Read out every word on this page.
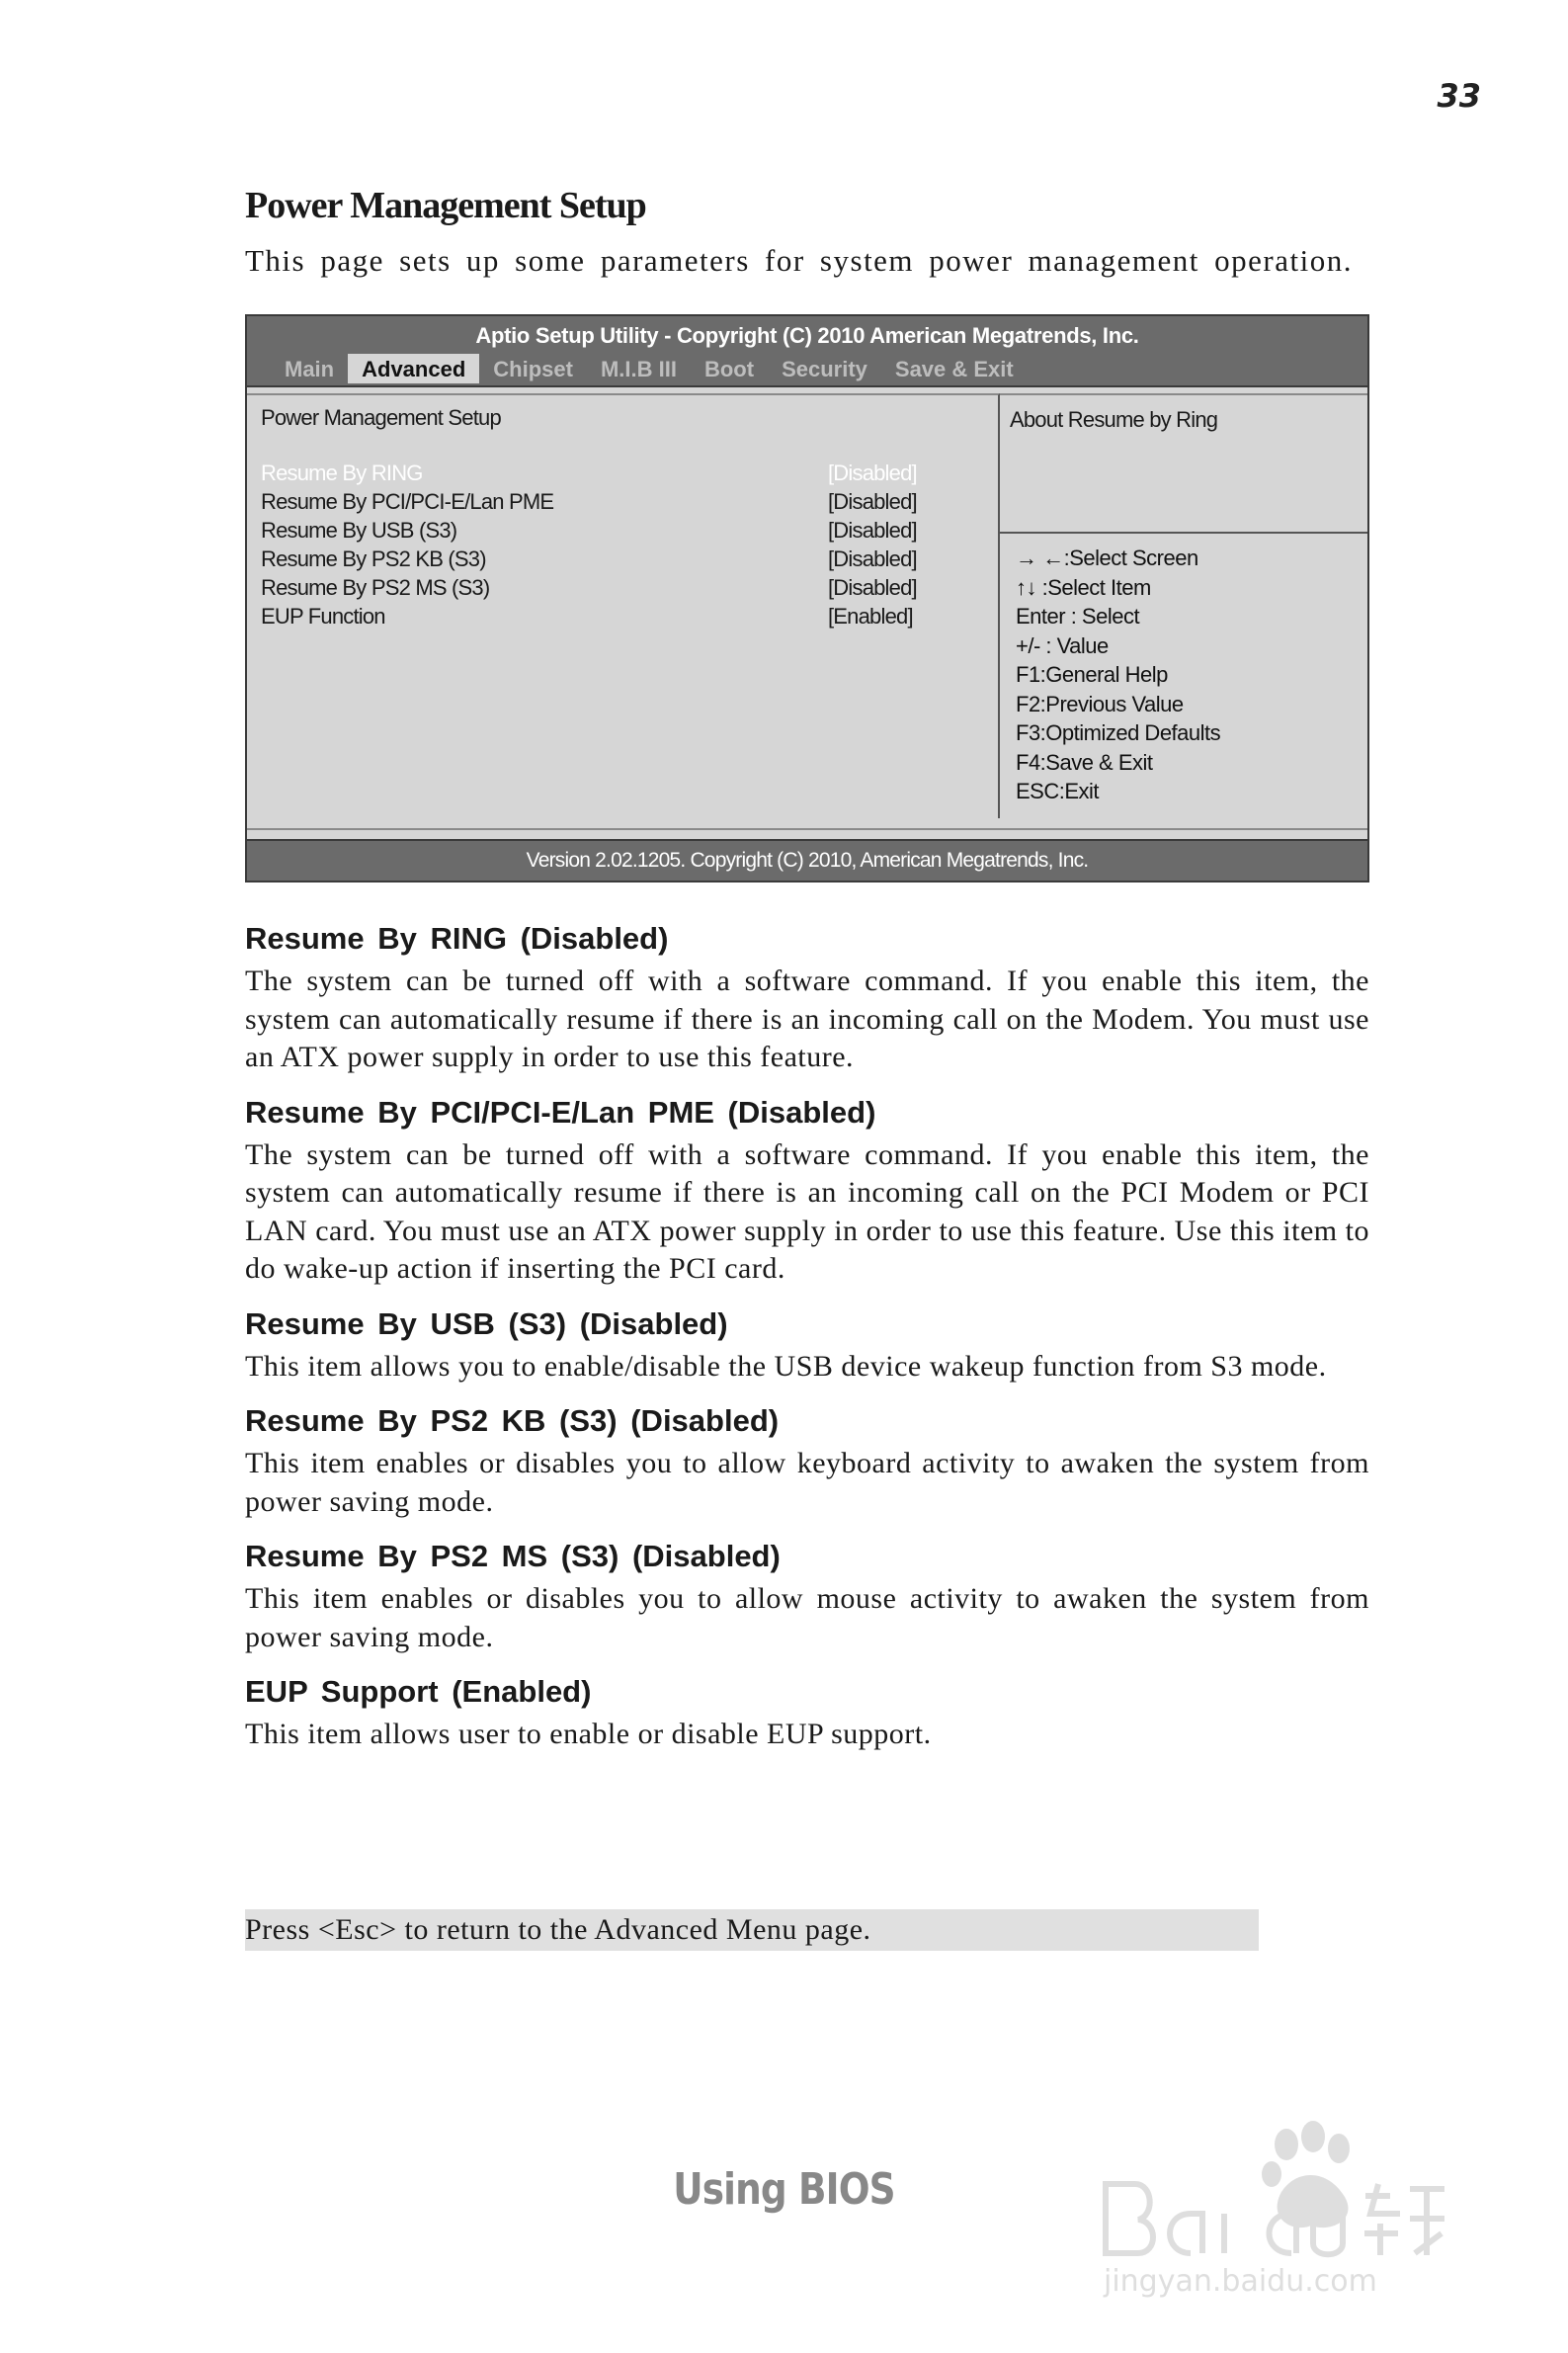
33
Power Management Setup

This page sets up some parameters for system power management operation.

Aptio Setup Utility - Copyright (C) 2010 American Megatrends, Inc.
Main	Advanced	Chipset	M.I.B III	Boot	Security	Save & Exit
Power Management Setup
Resume By RING	[Disabled]
Resume By PCI/PCI-E/Lan PME	[Disabled]
Resume By USB (S3)	[Disabled]
Resume By PS2 KB (S3)	[Disabled]
Resume By PS2 MS (S3)	[Disabled]
EUP Function	[Enabled]
About Resume by Ring
→ ←:Select Screen
↑↓ :Select Item
Enter : Select
+/- : Value
F1:General Help
F2:Previous Value
F3:Optimized Defaults
F4:Save & Exit
ESC:Exit
Version 2.02.1205. Copyright (C) 2010, American Megatrends, Inc.
Resume By RING (Disabled)

The system can be turned off with a software command. If you enable this item, the system can automatically resume if there is an incoming call on the Modem. You must use an ATX power supply in order to use this feature.

Resume By PCI/PCI-E/Lan PME (Disabled)

The system can be turned off with a software command. If you enable this item, the system can automatically resume if there is an incoming call on the PCI Modem or PCI LAN card. You must use an ATX power supply in order to use this feature. Use this item to do wake-up action if inserting the PCI card.

Resume By USB (S3) (Disabled)

This item allows you to enable/disable the USB device wakeup function from S3 mode.

Resume By PS2 KB (S3) (Disabled)

This item enables or disables you to allow keyboard activity to awaken the system from power saving mode.

Resume By PS2 MS (S3) (Disabled)

This item enables or disables you to allow mouse activity to awaken the system from power saving mode.

EUP Support (Enabled)

This item allows user to enable or disable EUP support.

Press <Esc> to return to the Advanced Menu page.
Using BIOS
jingyan.baidu.com
